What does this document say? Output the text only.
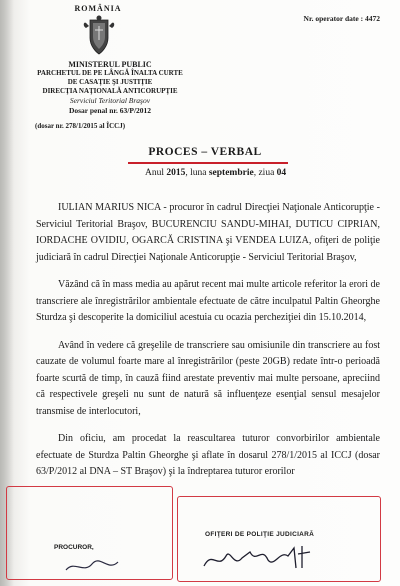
ROMÂNIA
Nr. operator date : 4472
MINISTERUL PUBLIC
PARCHETUL DE PE LÂNGĂ ÎNALTA CURTE
DE CASAŢIE ŞI JUSTIŢIE
DIRECŢIA NAŢIONALĂ ANTICORUPŢIE
Serviciul Teritorial Braşov
Dosar penal nr. 63/P/2012
(dosar nr. 278/1/2015 al ÎCCJ)
PROCES – VERBAL
Anul 2015, luna septembrie, ziua 04

IULIAN MARIUS NICA - procuror în cadrul Direcţiei Naţionale Anticorupţie - Serviciul Teritorial Braşov, BUCURENCIU SANDU-MIHAI, DUTICU CIPRIAN, IORDACHE OVIDIU, OGARCĂ CRISTINA şi VENDEA LUIZA, ofiţeri de poliţie judiciară în cadrul Direcţiei Naţionale Anticorupţie - Serviciul Teritorial Braşov,

Văzând că în mass media au apărut recent mai multe articole referitor la erori de transcriere ale înregistrărilor ambientale efectuate de către inculpatul Paltin Gheorghe Sturdza şi descoperite la domiciliul acestuia cu ocazia percheziţiei din 15.10.2014,

Având în vedere că greşelile de transcriere sau omisiunile din transcriere au fost cauzate de volumul foarte mare al înregistrărilor (peste 20GB) redate într-o perioadă foarte scurtă de timp, în cauză fiind arestate preventiv mai multe persoane, apreciind că respectivele greşeli nu sunt de natură să influenţeze esenţial sensul mesajelor transmise de interlocutori,

Din oficiu, am procedat la reascultarea tuturor convorbirilor ambientale efectuate de Sturdza Paltin Gheorghe şi aflate în dosarul 278/1/2015 al ICCJ (dosar 63/P/2012 al DNA – ST Braşov) şi la îndreptarea tuturor erorilor

PROCUROR,
OFIŢERI DE POLIŢIE JUDICIARĂ
